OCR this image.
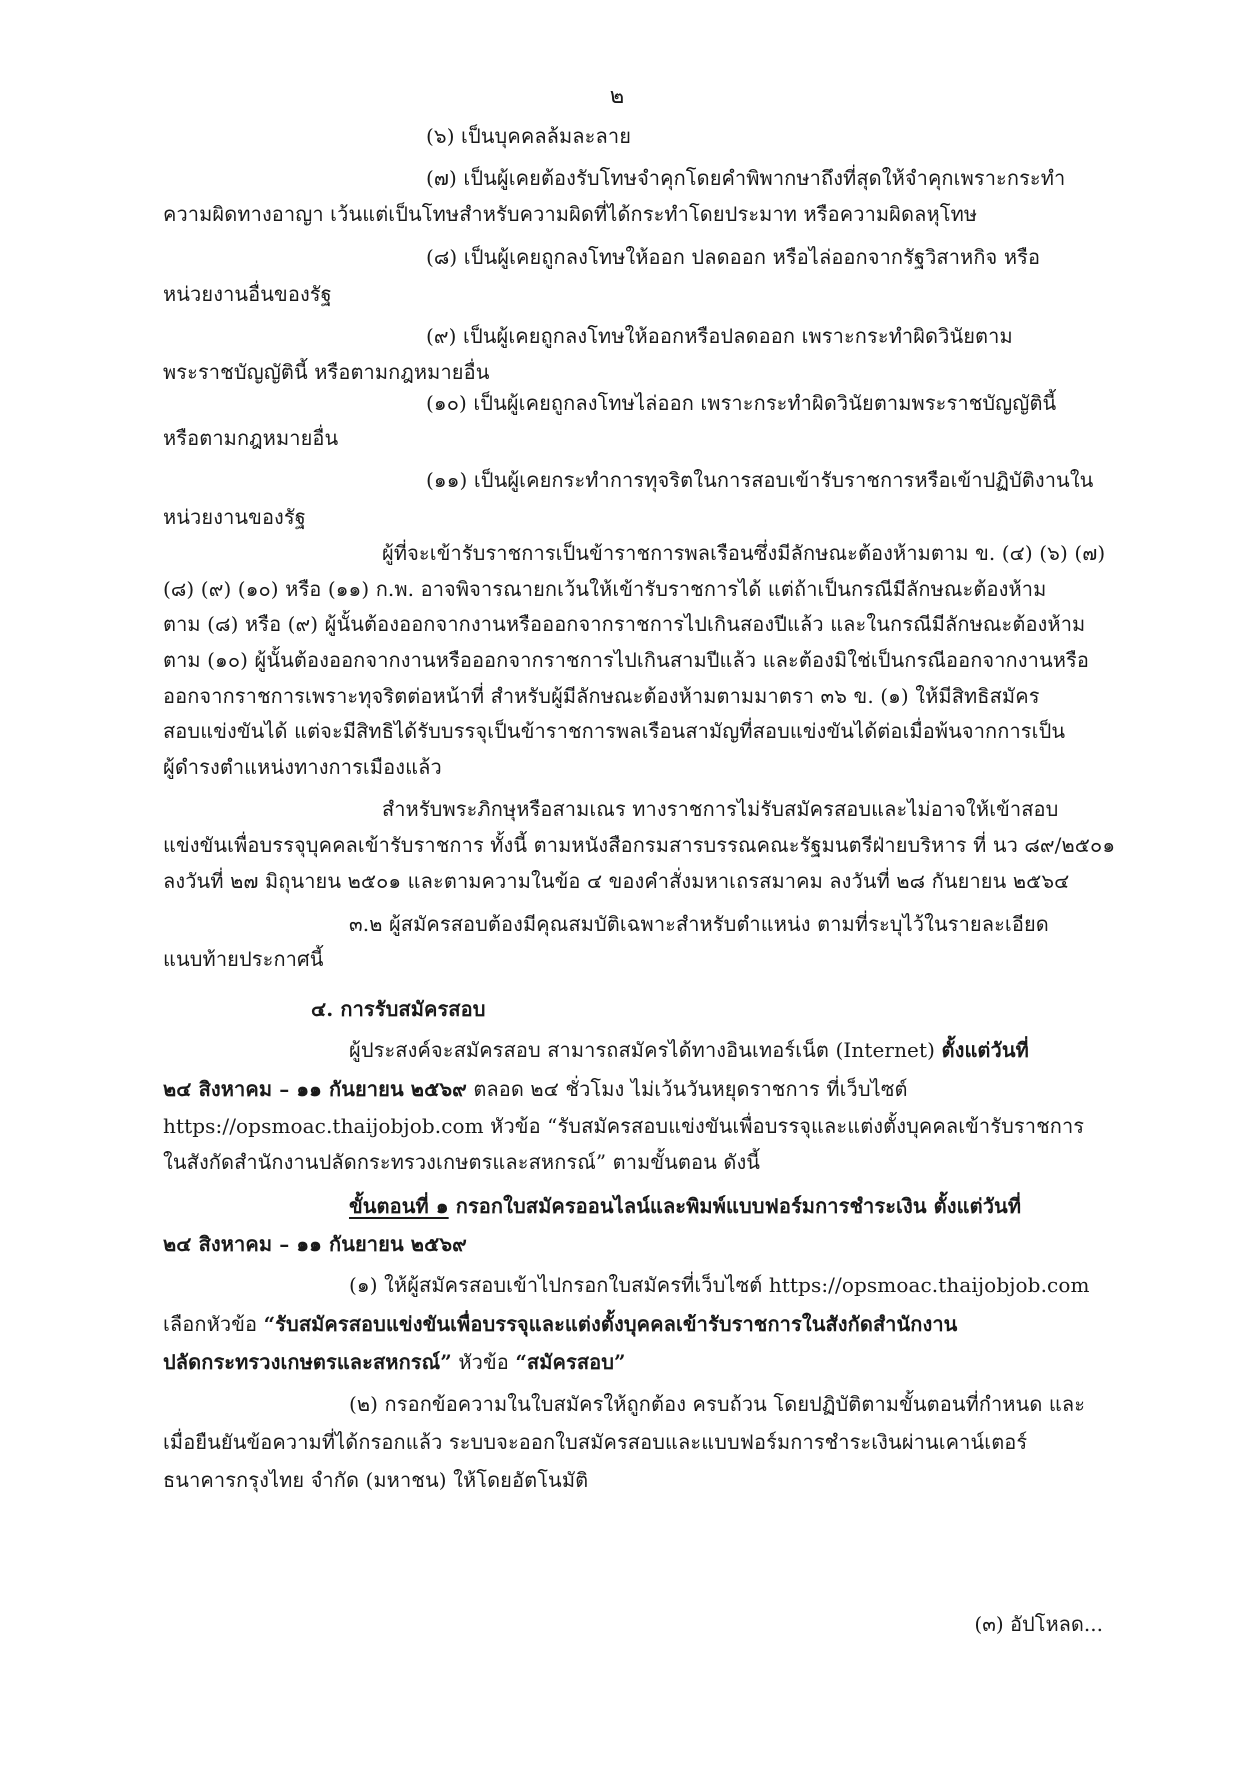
๒
(๖) เป็นบุคคลล้มละลาย
(๗) เป็นผู้เคยต้องรับโทษจำคุกโดยคำพิพากษาถึงที่สุดให้จำคุกเพราะกระทำ
ความผิดทางอาญา เว้นแต่เป็นโทษสำหรับความผิดที่ได้กระทำโดยประมาท หรือความผิดลหุโทษ
(๘) เป็นผู้เคยถูกลงโทษให้ออก ปลดออก หรือไล่ออกจากรัฐวิสาหกิจ หรือ
หน่วยงานอื่นของรัฐ
(๙) เป็นผู้เคยถูกลงโทษให้ออกหรือปลดออก เพราะกระทำผิดวินัยตาม
พระราชบัญญัตินี้ หรือตามกฎหมายอื่น
(๑๐) เป็นผู้เคยถูกลงโทษไล่ออก เพราะกระทำผิดวินัยตามพระราชบัญญัตินี้
หรือตามกฎหมายอื่น
(๑๑) เป็นผู้เคยกระทำการทุจริตในการสอบเข้ารับราชการหรือเข้าปฏิบัติงานใน
หน่วยงานของรัฐ
ผู้ที่จะเข้ารับราชการเป็นข้าราชการพลเรือนซึ่งมีลักษณะต้องห้ามตาม ข. (๔) (๖) (๗)
(๘) (๙) (๑๐) หรือ (๑๑) ก.พ. อาจพิจารณายกเว้นให้เข้ารับราชการได้ แต่ถ้าเป็นกรณีมีลักษณะต้องห้าม
ตาม (๘) หรือ (๙) ผู้นั้นต้องออกจากงานหรือออกจากราชการไปเกินสองปีแล้ว และในกรณีมีลักษณะต้องห้าม
ตาม (๑๐) ผู้นั้นต้องออกจากงานหรือออกจากราชการไปเกินสามปีแล้ว และต้องมิใช่เป็นกรณีออกจากงานหรือ
ออกจากราชการเพราะทุจริตต่อหน้าที่ สำหรับผู้มีลักษณะต้องห้ามตามมาตรา ๓๖ ข. (๑) ให้มีสิทธิสมัคร
สอบแข่งขันได้ แต่จะมีสิทธิได้รับบรรจุเป็นข้าราชการพลเรือนสามัญที่สอบแข่งขันได้ต่อเมื่อพ้นจากการเป็น
ผู้ดำรงตำแหน่งทางการเมืองแล้ว
สำหรับพระภิกษุหรือสามเณร ทางราชการไม่รับสมัครสอบและไม่อาจให้เข้าสอบ
แข่งขันเพื่อบรรจุบุคคลเข้ารับราชการ ทั้งนี้ ตามหนังสือกรมสารบรรณคณะรัฐมนตรีฝ่ายบริหาร ที่ นว ๘๙/๒๕๐๑
ลงวันที่ ๒๗ มิถุนายน ๒๕๐๑ และตามความในข้อ ๔ ของคำสั่งมหาเถรสมาคม ลงวันที่ ๒๘ กันยายน ๒๕๖๔
๓.๒ ผู้สมัครสอบต้องมีคุณสมบัติเฉพาะสำหรับตำแหน่ง ตามที่ระบุไว้ในรายละเอียด
แนบท้ายประกาศนี้
๔. การรับสมัครสอบ
ผู้ประสงค์จะสมัครสอบ สามารถสมัครได้ทางอินเทอร์เน็ต (Internet) ตั้งแต่วันที่
๒๔ สิงหาคม – ๑๑ กันยายน ๒๕๖๙ ตลอด ๒๔ ชั่วโมง ไม่เว้นวันหยุดราชการ ที่เว็บไซต์
https://opsmoac.thaijobjob.com หัวข้อ “รับสมัครสอบแข่งขันเพื่อบรรจุและแต่งตั้งบุคคลเข้ารับราชการ
ในสังกัดสำนักงานปลัดกระทรวงเกษตรและสหกรณ์” ตามขั้นตอน ดังนี้
ขั้นตอนที่ ๑ กรอกใบสมัครออนไลน์และพิมพ์แบบฟอร์มการชำระเงิน ตั้งแต่วันที่
๒๔ สิงหาคม – ๑๑ กันยายน ๒๕๖๙
(๑) ให้ผู้สมัครสอบเข้าไปกรอกใบสมัครที่เว็บไซต์ https://opsmoac.thaijobjob.com
เลือกหัวข้อ “รับสมัครสอบแข่งขันเพื่อบรรจุและแต่งตั้งบุคคลเข้ารับราชการในสังกัดสำนักงาน
ปลัดกระทรวงเกษตรและสหกรณ์” หัวข้อ “สมัครสอบ”
(๒) กรอกข้อความในใบสมัครให้ถูกต้อง ครบถ้วน โดยปฏิบัติตามขั้นตอนที่กำหนด และ
เมื่อยืนยันข้อความที่ได้กรอกแล้ว ระบบจะออกใบสมัครสอบและแบบฟอร์มการชำระเงินผ่านเคาน์เตอร์
ธนาคารกรุงไทย จำกัด (มหาชน) ให้โดยอัตโนมัติ
(๓) อัปโหลด...
